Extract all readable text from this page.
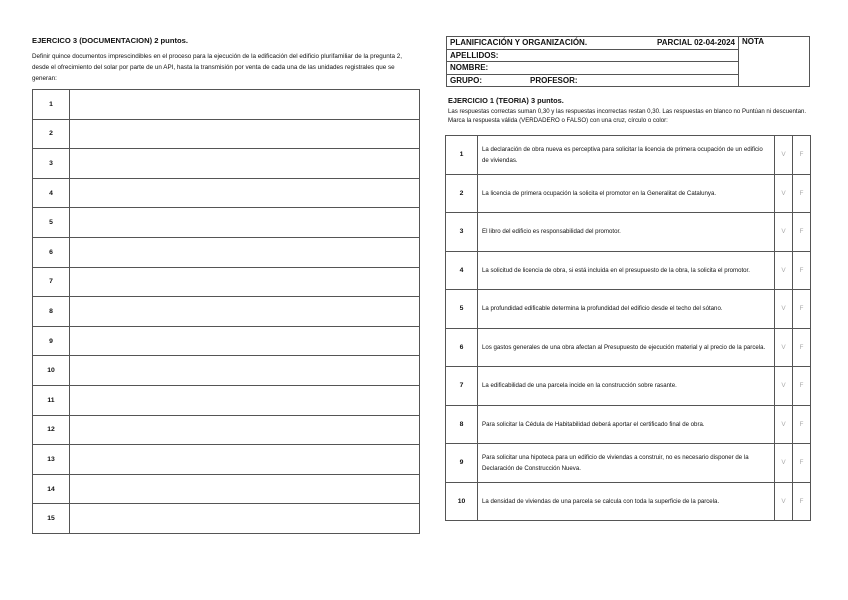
EJERCICO 3 (DOCUMENTACION) 2 puntos.
Definir quince documentos imprescindibles en el proceso para la ejecución de la edificación del edificio plurifamiliar de la pregunta 2, desde el ofrecimiento del solar por parte de un API, hasta la transmisión por venta de cada una de las unidades registrales que se generan:
1	
2	
3	
4	
5	
6	
7	
8	
9	
10	
11	
12	
13	
14	
15	
PLANIFICACIÓN Y ORGANIZACIÓN.	PARCIAL 02-04-2024	NOTA
APELLIDOS:
NOMBRE:
GRUPO:	PROFESOR:
EJERCICIO 1 (TEORIA) 3 puntos.
Las respuestas correctas suman 0,30 y las respuestas incorrectas restan 0,30. Las respuestas en blanco no Puntúan ni descuentan. Marca la respuesta válida (VERDADERO o FALSO) con una cruz, círculo o color:
1	La declaración de obra nueva es perceptiva para solicitar la licencia de primera ocupación de un edificio de viviendas.	V	F
2	La licencia de primera ocupación la solicita el promotor en la Generalitat de Catalunya.	V	F
3	El libro del edificio es responsabilidad del promotor.	V	F
4	La solicitud de licencia de obra, si está incluida en el presupuesto de la obra, la solicita el promotor.	V	F
5	La profundidad edificable determina la profundidad del edificio desde el techo del sótano.	V	F
6	Los gastos generales de una obra afectan al Presupuesto de ejecución material y al precio de la parcela.	V	F
7	La edificabilidad de una parcela incide en la construcción sobre rasante.	V	F
8	Para solicitar la Cédula de Habitabilidad deberá aportar el certificado final de obra.	V	F
9	Para solicitar una hipoteca para un edificio de viviendas a construir, no es necesario disponer de la Declaración de Construcción Nueva.	V	F
10	La densidad de viviendas de una parcela se calcula con toda la superficie de la parcela.	V	F
